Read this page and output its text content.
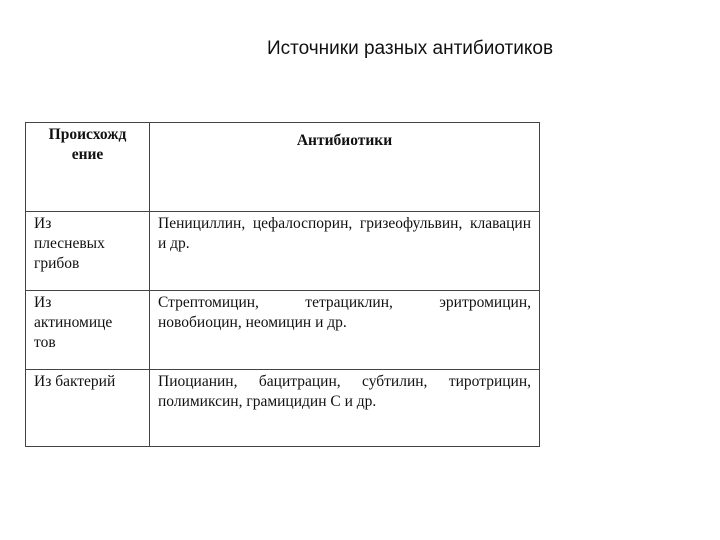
Источники разных антибиотиков
Происхожд
ение	Антибиотики
Из
плесневых
грибов	Пенициллин, цефалоспорин, гризеофульвин, клавацин и др.
Из
актиномице
тов	Стрептомицин, тетрациклин, эритромицин, новобиоцин, неомицин и др.
Из бактерий	Пиоцианин, бацитрацин, субтилин, тиротрицин, полимиксин, грамицидин С и др.
